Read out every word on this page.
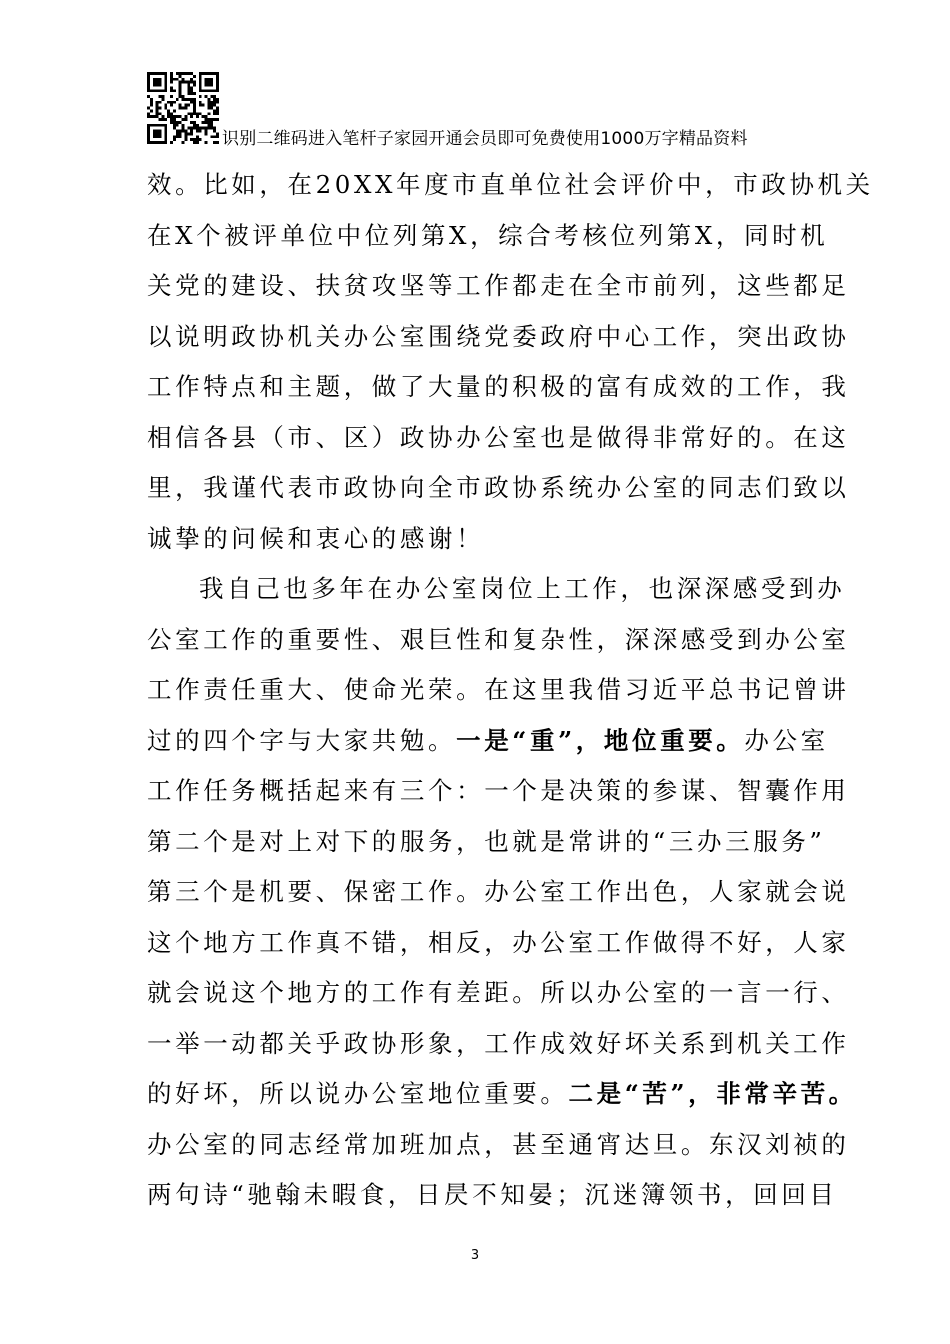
识别二维码进入笔杆子家园开通会员即可免费使用1000万字精品资料
效。比如，在20XX年度市直单位社会评价中，市政协机关
在X个被评单位中位列第X，综合考核位列第X，同时机
关党的建设、扶贫攻坚等工作都走在全市前列，这些都足
以说明政协机关办公室围绕党委政府中心工作，突出政协
工作特点和主题，做了大量的积极的富有成效的工作，我
相信各县（市、区）政协办公室也是做得非常好的。在这
里，我谨代表市政协向全市政协系统办公室的同志们致以
诚挚的问候和衷心的感谢！
我自己也多年在办公室岗位上工作，也深深感受到办
公室工作的重要性、艰巨性和复杂性，深深感受到办公室
工作责任重大、使命光荣。在这里我借习近平总书记曾讲
过的四个字与大家共勉。一是“重”，地位重要。办公室
工作任务概括起来有三个：一个是决策的参谋、智囊作用
第二个是对上对下的服务，也就是常讲的“三办三服务”
第三个是机要、保密工作。办公室工作出色，人家就会说
这个地方工作真不错，相反，办公室工作做得不好，人家
就会说这个地方的工作有差距。所以办公室的一言一行、
一举一动都关乎政协形象，工作成效好坏关系到机关工作
的好坏，所以说办公室地位重要。二是“苦”，非常辛苦。
办公室的同志经常加班加点，甚至通宵达旦。东汉刘祯的
两句诗“驰翰未暇食，日昃不知晏；沉迷簿领书，回回目
3
